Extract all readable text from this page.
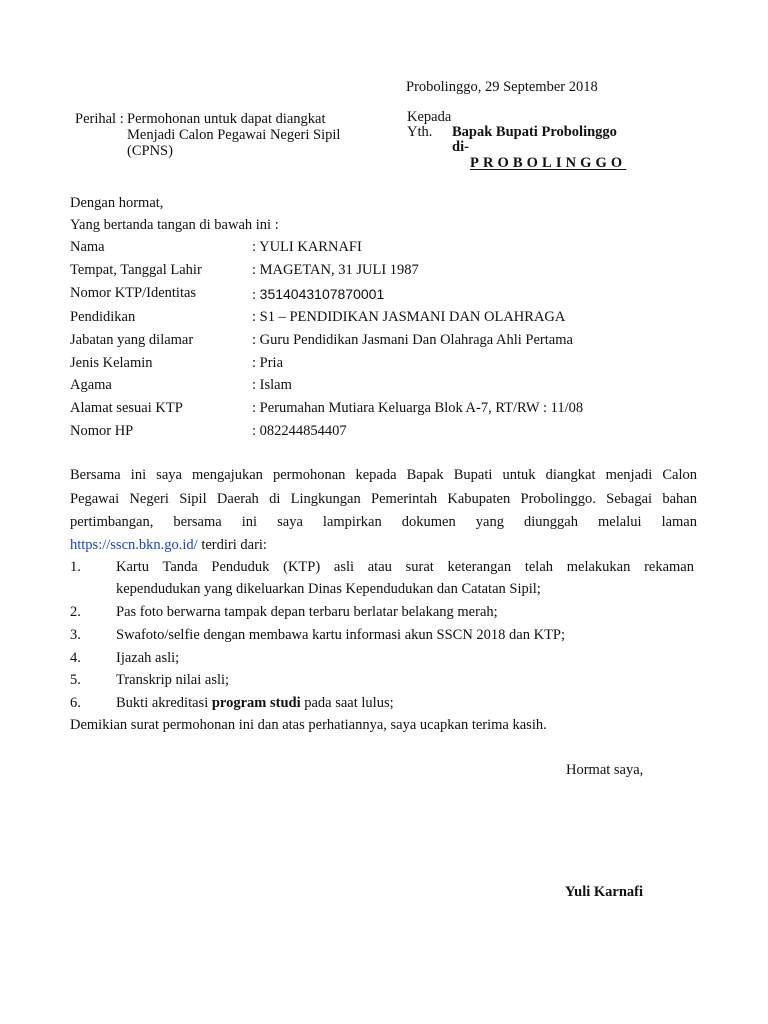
Probolinggo, 29 September 2018
Perihal : Permohonan untuk dapat diangkat
Menjadi Calon Pegawai Negeri Sipil
(CPNS)
Kepada
Yth. Bapak Bupati Probolinggo
di-
PROBOLINGGO
Dengan hormat,
Yang bertanda tangan di bawah ini :
Nama	: YULI KARNAFI
Tempat, Tanggal Lahir	: MAGETAN, 31 JULI 1987
Nomor KTP/Identitas	: 3514043107870001
Pendidikan	: S1 – PENDIDIKAN JASMANI DAN OLAHRAGA
Jabatan yang dilamar	: Guru Pendidikan Jasmani Dan Olahraga Ahli Pertama
Jenis Kelamin	: Pria
Agama	: Islam
Alamat sesuai KTP	: Perumahan Mutiara Keluarga Blok A-7, RT/RW : 11/08
Nomor HP	: 082244854407
Bersama ini saya mengajukan permohonan kepada Bapak Bupati untuk diangkat menjadi Calon
Pegawai Negeri Sipil Daerah di Lingkungan Pemerintah Kabupaten Probolinggo. Sebagai bahan
pertimbangan, bersama ini saya lampirkan dokumen yang diunggah melalui laman
https://sscn.bkn.go.id/ terdiri dari:
1. Kartu Tanda Penduduk (KTP) asli atau surat keterangan telah melakukan rekaman
kependudukan yang dikeluarkan Dinas Kependudukan dan Catatan Sipil;
2. Pas foto berwarna tampak depan terbaru berlatar belakang merah;
3. Swafoto/selfie dengan membawa kartu informasi akun SSCN 2018 dan KTP;
4. Ijazah asli;
5. Transkrip nilai asli;
6. Bukti akreditasi program studi pada saat lulus;
Demikian surat permohonan ini dan atas perhatiannya, saya ucapkan terima kasih.
Hormat saya,
Yuli Karnafi
